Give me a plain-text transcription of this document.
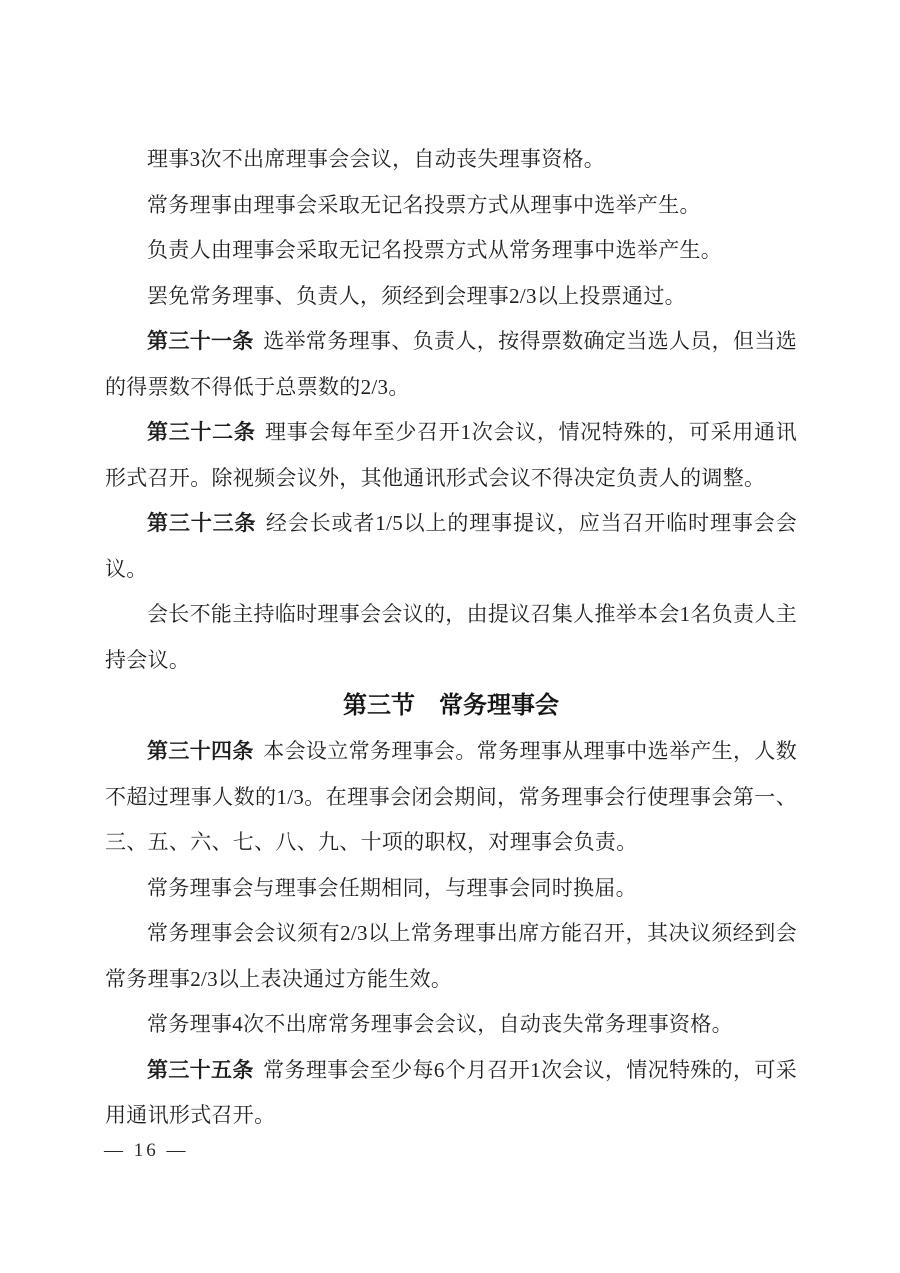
理事3次不出席理事会会议，自动丧失理事资格。

常务理事由理事会采取无记名投票方式从理事中选举产生。

负责人由理事会采取无记名投票方式从常务理事中选举产生。

罢免常务理事、负责人，须经到会理事2/3以上投票通过。

第三十一条 选举常务理事、负责人，按得票数确定当选人员，但当选的得票数不得低于总票数的2/3。

第三十二条 理事会每年至少召开1次会议，情况特殊的，可采用通讯形式召开。除视频会议外，其他通讯形式会议不得决定负责人的调整。

第三十三条 经会长或者1/5以上的理事提议，应当召开临时理事会会议。

会长不能主持临时理事会会议的，由提议召集人推举本会1名负责人主持会议。

第三节　常务理事会

第三十四条 本会设立常务理事会。常务理事从理事中选举产生，人数不超过理事人数的1/3。在理事会闭会期间，常务理事会行使理事会第一、三、五、六、七、八、九、十项的职权，对理事会负责。

常务理事会与理事会任期相同，与理事会同时换届。

常务理事会会议须有2/3以上常务理事出席方能召开，其决议须经到会常务理事2/3以上表决通过方能生效。

常务理事4次不出席常务理事会会议，自动丧失常务理事资格。

第三十五条 常务理事会至少每6个月召开1次会议，情况特殊的，可采用通讯形式召开。

— 16 —
